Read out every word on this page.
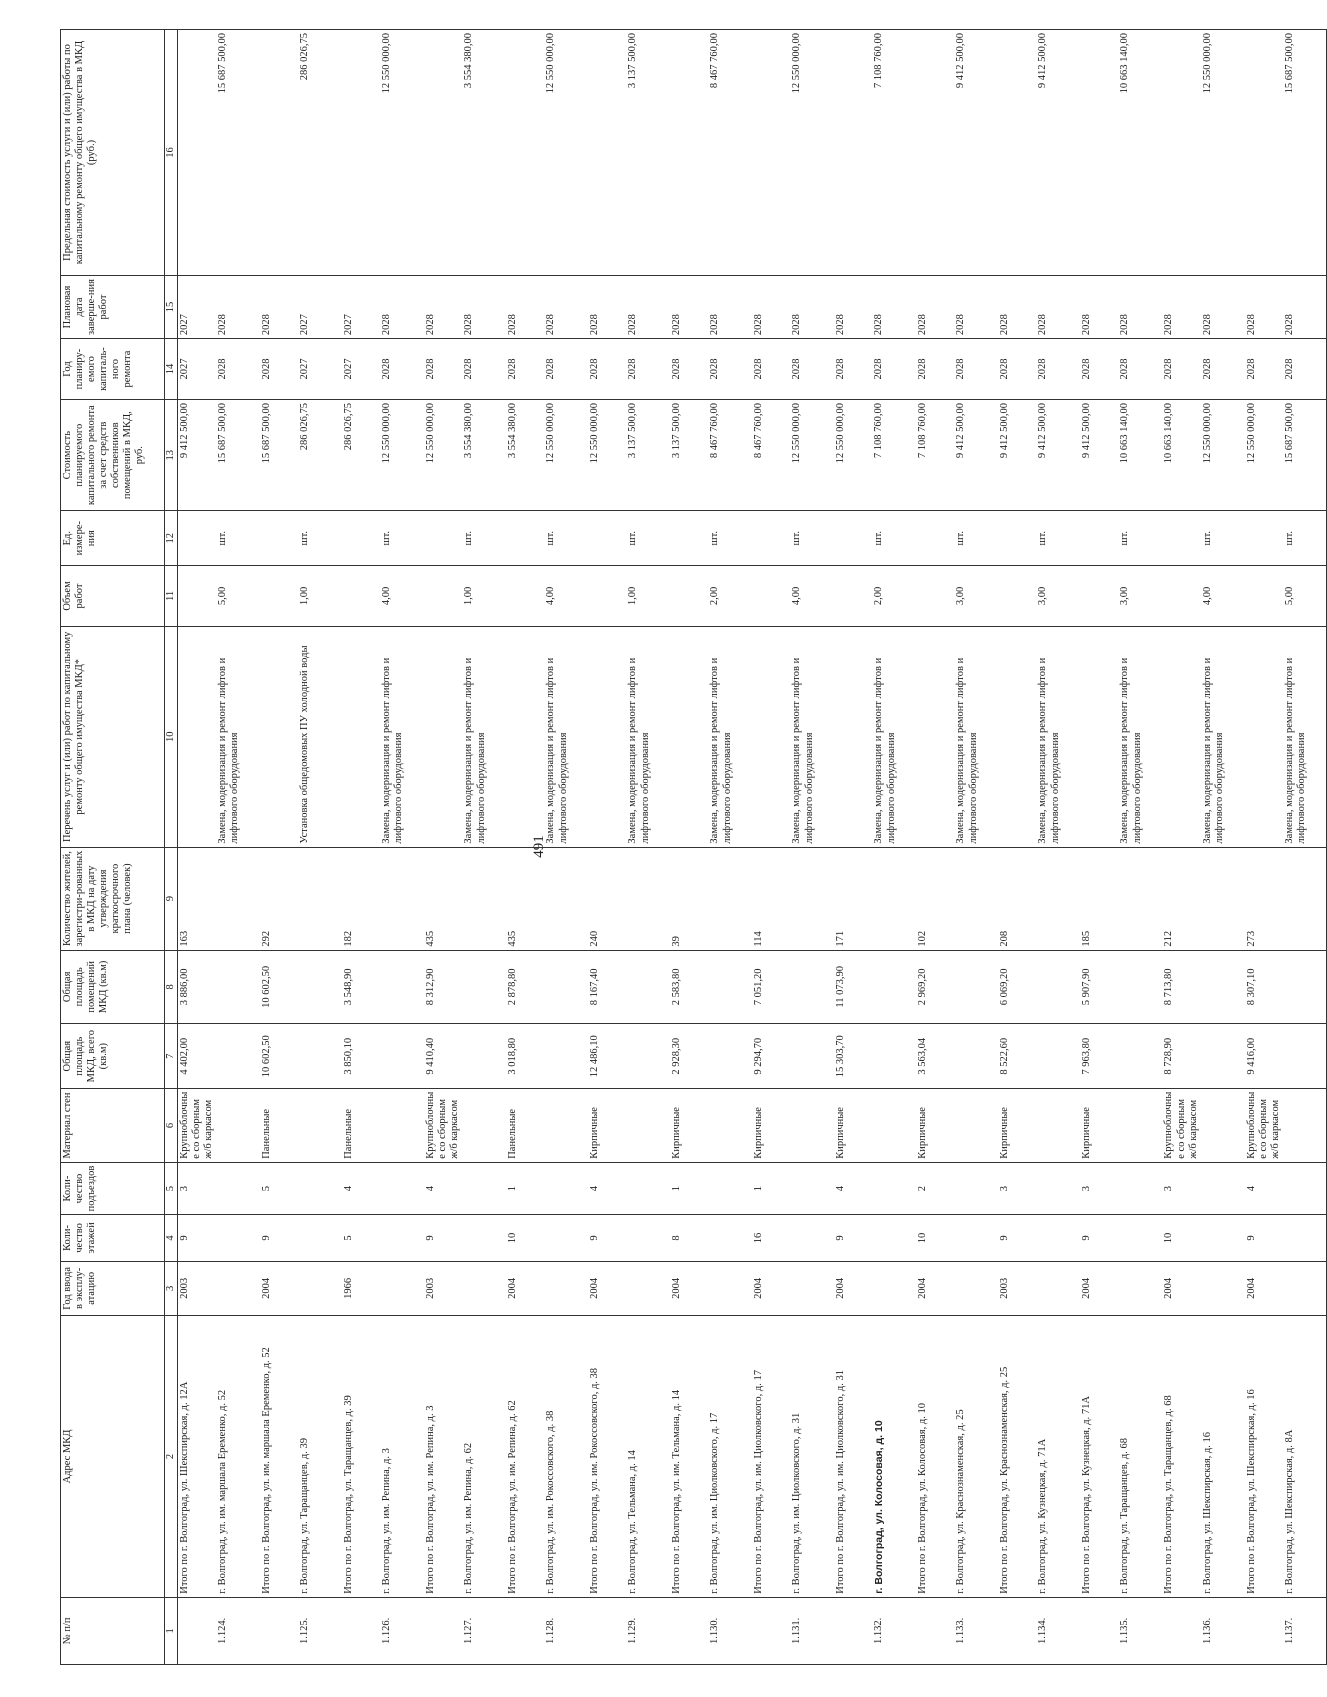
491
№ п/п	Адрес МКД	Год ввода в эксплу-атацию	Коли-чество этажей	Коли-чество подъездов	Материал стен	Общая площадь МКД, всего (кв.м)	Общая площадь помещений МКД (кв.м)	Количество жителей, зарегистри-рованных в МКД на дату утверждения краткосрочного плана (человек)	Перечень услуг и (или) работ по капитальному ремонту общего имущества МКД*	Объем работ	Ед. измере-ния	Стоимость планируемого капитального ремонта за счет средств собственников помещений в МКД, руб.	Год планиру-емого капиталь-ного ремонта	Плановая дата заверше-ния работ	Предельная стоимость услуги и (или) работы по капитальному ремонту общего имущества в МКД (руб.)
1	2	3	4	5	6	7	8	9	10	11	12	13	14	15	16
	Итого по г. Волгоград, ул. Шекспирская, д. 12А	2003	9	3	Крупноблочны е со сборным ж/б каркасом	4 402,00	3 886,00	163				9 412 500,00	2027	2027	
1.124.	г. Волгоград, ул. им. маршала Еременко, д. 52								Замена, модернизация и ремонт лифтов и лифтового оборудования	5,00	шт.	15 687 500,00	2028	2028	15 687 500,00
	Итого по г. Волгоград, ул. им. маршала Еременко, д. 52	2004	9	5	Панельные	10 602,50	10 602,50	292				15 687 500,00	2028	2028	
1.125.	г. Волгоград, ул. Таращанцев, д. 39								Установка общедомовых ПУ холодной воды	1,00	шт.	286 026,75	2027	2027	286 026,75
	Итого по г. Волгоград, ул. Таращанцев, д. 39	1966	5	4	Панельные	3 850,10	3 548,90	182				286 026,75	2027	2027	
1.126.	г. Волгоград, ул. им. Репина, д. 3								Замена, модернизация и ремонт лифтов и лифтового оборудования	4,00	шт.	12 550 000,00	2028	2028	12 550 000,00
	Итого по г. Волгоград, ул. им. Репина, д. 3	2003	9	4	Крупноблочны е со сборным ж/б каркасом	9 410,40	8 312,90	435				12 550 000,00	2028	2028	
1.127.	г. Волгоград, ул. им. Репина, д. 62								Замена, модернизация и ремонт лифтов и лифтового оборудования	1,00	шт.	3 554 380,00	2028	2028	3 554 380,00
	Итого по г. Волгоград, ул. им. Репина, д. 62	2004	10	1	Панельные	3 018,80	2 878,80	435				3 554 380,00	2028	2028	
1.128.	г. Волгоград, ул. им. Рокоссовского, д. 38								Замена, модернизация и ремонт лифтов и лифтового оборудования	4,00	шт.	12 550 000,00	2028	2028	12 550 000,00
	Итого по г. Волгоград, ул. им. Рокоссовского, д. 38	2004	9	4	Кирпичные	12 486,10	8 167,40	240				12 550 000,00	2028	2028	
1.129.	г. Волгоград, ул. Тельмана, д. 14								Замена, модернизация и ремонт лифтов и лифтового оборудования	1,00	шт.	3 137 500,00	2028	2028	3 137 500,00
	Итого по г. Волгоград, ул. им. Тельмана, д. 14	2004	8	1	Кирпичные	2 928,30	2 583,80	39				3 137 500,00	2028	2028	
1.130.	г. Волгоград, ул. им. Циолковского, д. 17								Замена, модернизация и ремонт лифтов и лифтового оборудования	2,00	шт.	8 467 760,00	2028	2028	8 467 760,00
	Итого по г. Волгоград, ул. им. Циолковского, д. 17	2004	16	1	Кирпичные	9 294,70	7 051,20	114				8 467 760,00	2028	2028	
1.131.	г. Волгоград, ул. им. Циолковского, д. 31								Замена, модернизация и ремонт лифтов и лифтового оборудования	4,00	шт.	12 550 000,00	2028	2028	12 550 000,00
	Итого по г. Волгоград, ул. им. Циолковского, д. 31	2004	9	4	Кирпичные	15 303,70	11 073,90	171				12 550 000,00	2028	2028	
1.132.	г. Волгоград, ул. Колосовая, д. 10								Замена, модернизация и ремонт лифтов и лифтового оборудования	2,00	шт.	7 108 760,00	2028	2028	7 108 760,00
	Итого по г. Волгоград, ул. Колосовая, д. 10	2004	10	2	Кирпичные	3 563,04	2 969,20	102				7 108 760,00	2028	2028	
1.133.	г. Волгоград, ул. Краснознаменская, д. 25								Замена, модернизация и ремонт лифтов и лифтового оборудования	3,00	шт.	9 412 500,00	2028	2028	9 412 500,00
	Итого по г. Волгоград, ул. Краснознаменская, д. 25	2003	9	3	Кирпичные	8 522,60	6 069,20	208				9 412 500,00	2028	2028	
1.134.	г. Волгоград, ул. Кузнецкая, д. 71А								Замена, модернизация и ремонт лифтов и лифтового оборудования	3,00	шт.	9 412 500,00	2028	2028	9 412 500,00
	Итого по г. Волгоград, ул. Кузнецкая, д. 71А	2004	9	3	Кирпичные	7 963,80	5 907,90	185				9 412 500,00	2028	2028	
1.135.	г. Волгоград, ул. Таращанцев, д. 68								Замена, модернизация и ремонт лифтов и лифтового оборудования	3,00	шт.	10 663 140,00	2028	2028	10 663 140,00
	Итого по г. Волгоград, ул. Таращанцев, д. 68	2004	10	3	Крупноблочны е со сборным ж/б каркасом	8 728,90	8 713,80	212				10 663 140,00	2028	2028	
1.136.	г. Волгоград, ул. Шекспирская, д. 16								Замена, модернизация и ремонт лифтов и лифтового оборудования	4,00	шт.	12 550 000,00	2028	2028	12 550 000,00
	Итого по г. Волгоград, ул. Шекспирская, д. 16	2004	9	4	Крупноблочны е со сборным ж/б каркасом	9 416,00	8 307,10	273				12 550 000,00	2028	2028	
1.137.	г. Волгоград, ул. Шекспирская, д. 8А								Замена, модернизация и ремонт лифтов и лифтового оборудования	5,00	шт.	15 687 500,00	2028	2028	15 687 500,00
